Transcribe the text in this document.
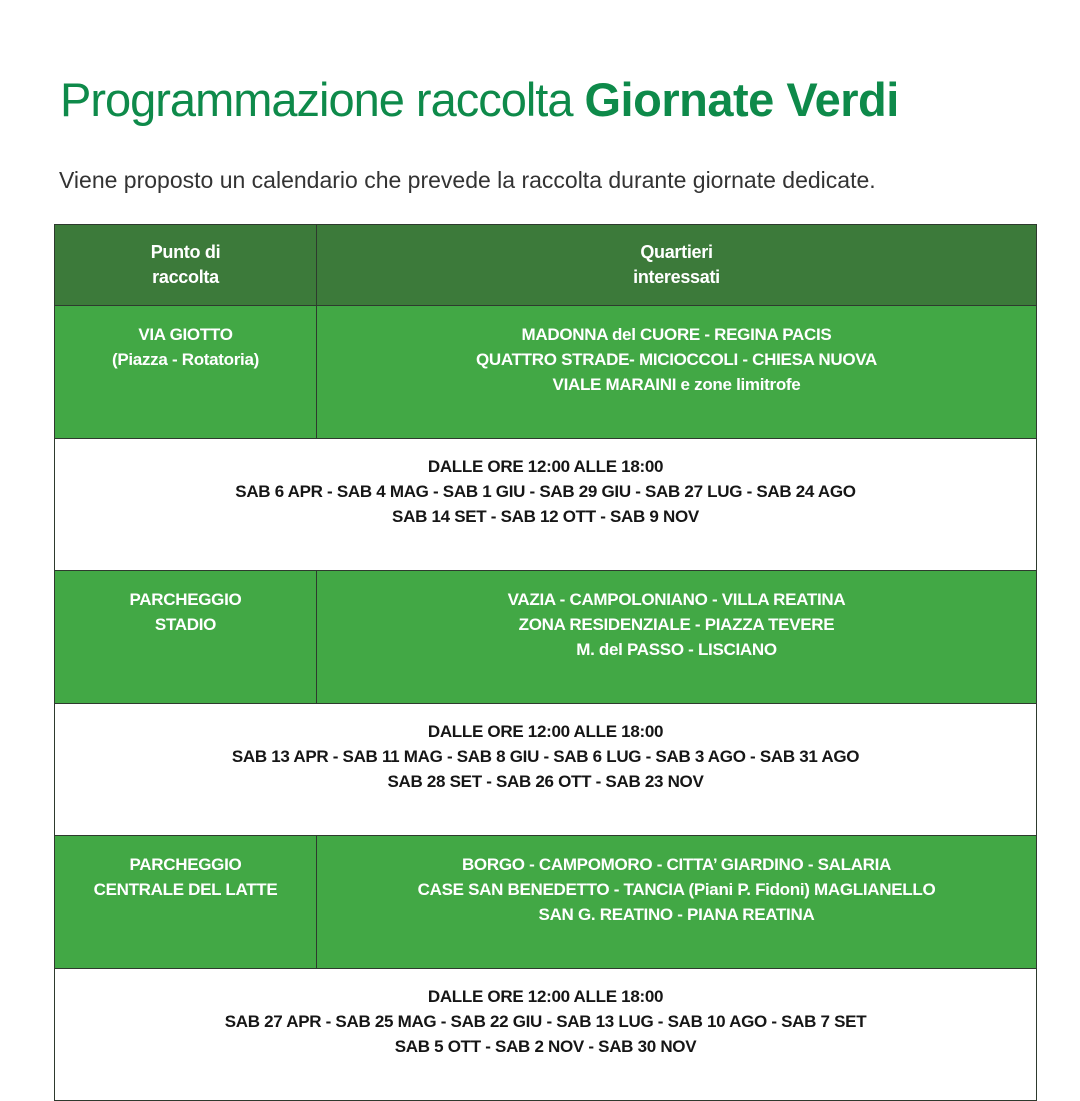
Programmazione raccolta Giornate Verdi
Viene proposto un calendario che prevede la raccolta durante giornate dedicate.
Punto di
raccolta	Quartieri
interessati

VIA GIOTTO
(Piazza - Rotatoria)	MADONNA del CUORE - REGINA PACIS
QUATTRO STRADE- MICIOCCOLI - CHIESA NUOVA
VIALE MARAINI e zone limitrofe

DALLE ORE 12:00 ALLE 18:00
SAB 6 APR - SAB 4 MAG - SAB 1 GIU - SAB 29 GIU - SAB 27 LUG - SAB 24 AGO
SAB 14 SET - SAB 12 OTT - SAB 9 NOV	

PARCHEGGIO
STADIO	VAZIA - CAMPOLONIANO - VILLA REATINA
ZONA RESIDENZIALE - PIAZZA TEVERE
M. del PASSO - LISCIANO

DALLE ORE 12:00 ALLE 18:00
SAB 13 APR - SAB 11 MAG - SAB 8 GIU - SAB 6 LUG - SAB 3 AGO - SAB 31 AGO
SAB 28 SET - SAB 26 OTT - SAB 23 NOV	

PARCHEGGIO
CENTRALE DEL LATTE	BORGO - CAMPOMORO - CITTA’ GIARDINO - SALARIA
CASE SAN BENEDETTO - TANCIA (Piani P. Fidoni) MAGLIANELLO
SAN G. REATINO - PIANA REATINA

DALLE ORE 12:00 ALLE 18:00
SAB 27 APR - SAB 25 MAG - SAB 22 GIU - SAB 13 LUG - SAB 10 AGO - SAB 7 SET
SAB 5 OTT - SAB 2 NOV - SAB 30 NOV	
